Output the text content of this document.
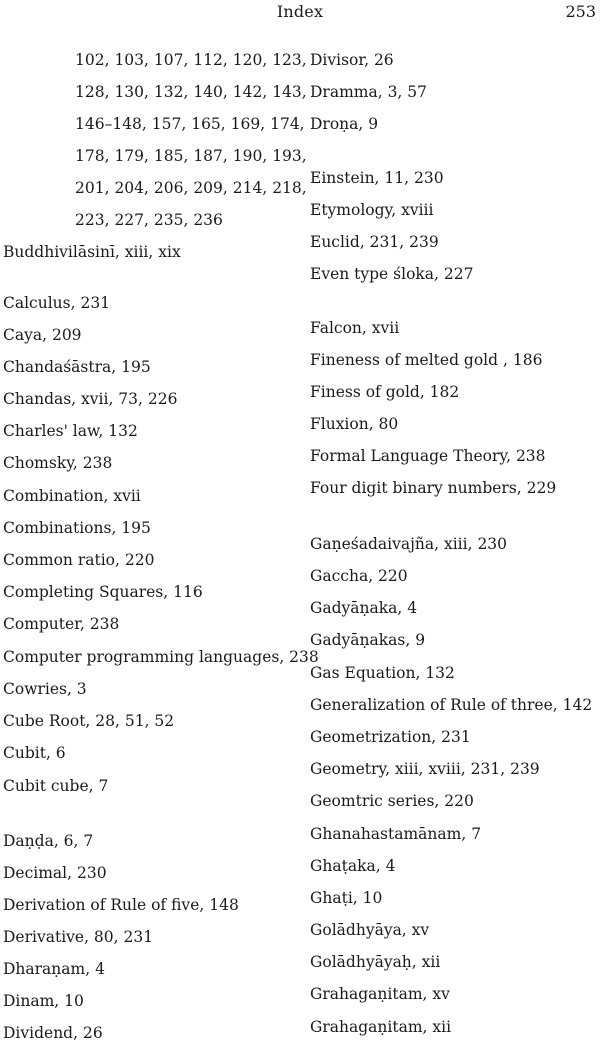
Index	253
102, 103, 107, 112, 120, 123,
128, 130, 132, 140, 142, 143,
146–148, 157, 165, 169, 174,
178, 179, 185, 187, 190, 193,
201, 204, 206, 209, 214, 218,
223, 227, 235, 236
Buddhivilāsinī, xiii, xix
Calculus, 231
Caya, 209
Chandaśāstra, 195
Chandas, xvii, 73, 226
Charles' law, 132
Chomsky, 238
Combination, xvii
Combinations, 195
Common ratio, 220
Completing Squares, 116
Computer, 238
Computer programming languages, 238
Cowries, 3
Cube Root, 28, 51, 52
Cubit, 6
Cubit cube, 7
Daṇḍa, 6, 7
Decimal, 230
Derivation of Rule of five, 148
Derivative, 80, 231
Dharaṇam, 4
Dinam, 10
Dividend, 26
Divisor, 26
Dramma, 3, 57
Droṇa, 9
Einstein, 11, 230
Etymology, xviii
Euclid, 231, 239
Even type śloka, 227
Falcon, xvii
Fineness of melted gold , 186
Finess of gold, 182
Fluxion, 80
Formal Language Theory, 238
Four digit binary numbers, 229
Gaṇeśadaivajña, xiii, 230
Gaccha, 220
Gadyāṇaka, 4
Gadyāṇakas, 9
Gas Equation, 132
Generalization of Rule of three, 142
Geometrization, 231
Geometry, xiii, xviii, 231, 239
Geomtric series, 220
Ghanahastamānam, 7
Ghaṭaka, 4
Ghaṭi, 10
Golādhyāya, xv
Golādhyāyaḥ, xii
Grahagaṇitam, xv
Grahagaṇitam, xii
